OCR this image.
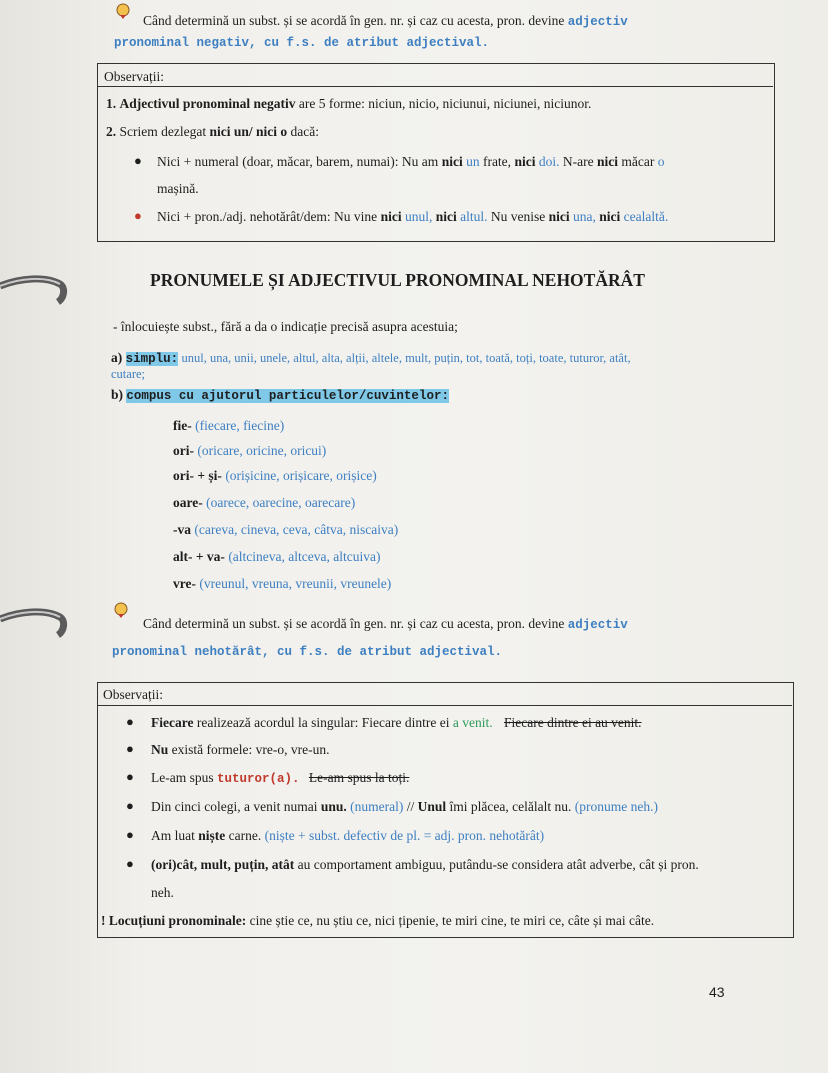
Când determină un subst. și se acordă în gen. nr. și caz cu acesta, pron. devine adjectiv
pronominal negativ, cu f.s. de atribut adjectival.
Observații:
1. Adjectivul pronominal negativ are 5 forme: niciun, nicio, niciunui, niciunei, niciunor.
2. Scriem dezlegat nici un/ nici o dacă:
● Nici + numeral (doar, măcar, barem, numai): Nu am nici un frate, nici doi. N-are nici măcar o
mașină.
● Nici + pron./adj. nehotărât/dem: Nu vine nici unul, nici altul. Nu venise nici una, nici cealaltă.
PRONUMELE ȘI ADJECTIVUL PRONOMINAL NEHOTĂRÂT
- înlocuiește subst., fără a da o indicație precisă asupra acestuia;
a) simplu: unul, una, unii, unele, altul, alta, alții, altele, mult, puțin, tot, toată, toți, toate, tuturor, atât,
cutare;
b) compus cu ajutorul particulelor/cuvintelor:
fie- (fiecare, fiecine)
ori- (oricare, oricine, oricui)
ori- + și- (orișicine, orișicare, orișice)
oare- (oarece, oarecine, oarecare)
-va (careva, cineva, ceva, câtva, niscaiva)
alt- + va- (altcineva, altceva, altcuiva)
vre- (vreunul, vreuna, vreunii, vreunele)
Când determină un subst. și se acordă în gen. nr. și caz cu acesta, pron. devine adjectiv
pronominal nehotărât, cu f.s. de atribut adjectival.
Observații:
● Fiecare realizează acordul la singular: Fiecare dintre ei a venit. Fiecare dintre ei au venit.
● Nu există formele: vre-o, vre-un.
● Le-am spus tuturor(a). Le-am spus la toți.
● Din cinci colegi, a venit numai unu. (numeral) // Unul îmi plăcea, celălalt nu. (pronume neh.)
● Am luat niște carne. (niște + subst. defectiv de pl. = adj. pron. nehotărât)
● (ori)cât, mult, puțin, atât au comportament ambiguu, putându-se considera atât adverbe, cât și pron.
neh.
! Locuțiuni pronominale: cine știe ce, nu știu ce, nici țipenie, te miri cine, te miri ce, câte și mai câte.
43
